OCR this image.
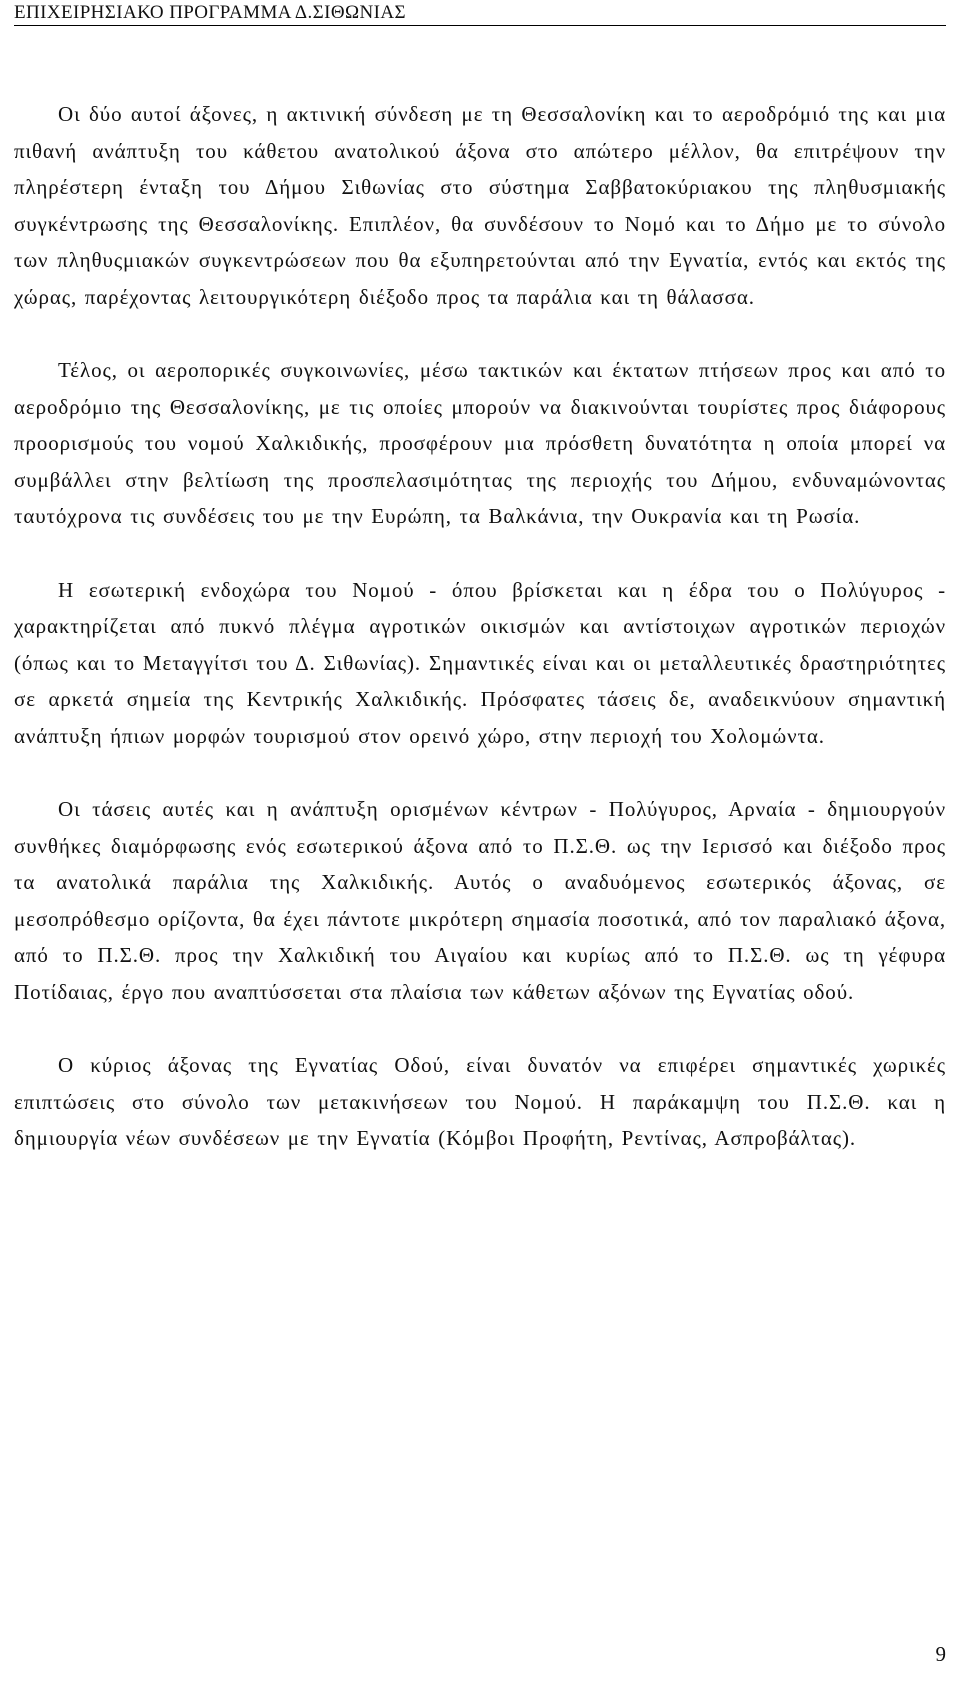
ΕΠΙΧΕΙΡΗΣΙΑΚΟ ΠΡΟΓΡΑΜΜΑ Δ.ΣΙΘΩΝΙΑΣ

Οι δύο αυτοί άξονες, η ακτινική σύνδεση με τη Θεσσαλονίκη και το αεροδρόμιό της και μια πιθανή ανάπτυξη του κάθετου ανατολικού άξονα στο απώτερο μέλλον, θα επιτρέψουν την πληρέστερη ένταξη του Δήμου Σιθωνίας στο σύστημα Σαββατοκύριακου της πληθυσμιακής συγκέντρωσης της Θεσσαλονίκης. Επιπλέον, θα συνδέσουν το Νομό και το Δήμο με το σύνολο των πληθυςμιακών συγκεντρώσεων που θα εξυπηρετούνται από την Εγνατία, εντός και εκτός της χώρας, παρέχοντας λειτουργικότερη διέξοδο προς τα παράλια και τη θάλασσα.

Τέλος, οι αεροπορικές συγκοινωνίες, μέσω τακτικών και έκτατων πτήσεων προς και από το αεροδρόμιο της Θεσσαλονίκης, με τις οποίες μπορούν να διακινούνται τουρίστες προς διάφορους προορισμούς του νομού Χαλκιδικής, προσφέρουν μια πρόσθετη δυνατότητα η οποία μπορεί να συμβάλλει στην βελτίωση της προσπελασιμότητας της περιοχής του Δήμου, ενδυναμώνοντας ταυτόχρονα τις συνδέσεις του με την Ευρώπη, τα Βαλκάνια, την Ουκρανία και τη Ρωσία.

Η εσωτερική ενδοχώρα του Νομού - όπου βρίσκεται και η έδρα του ο Πολύγυρος - χαρακτηρίζεται από πυκνό πλέγμα αγροτικών οικισμών και αντίστοιχων αγροτικών περιοχών (όπως και το Μεταγγίτσι του Δ. Σιθωνίας). Σημαντικές είναι και οι μεταλλευτικές δραστηριότητες σε αρκετά σημεία της Κεντρικής Χαλκιδικής. Πρόσφατες τάσεις δε, αναδεικνύουν σημαντική ανάπτυξη ήπιων μορφών τουρισμού στον ορεινό χώρο, στην περιοχή του Χολομώντα.

Οι τάσεις αυτές και η ανάπτυξη ορισμένων κέντρων - Πολύγυρος, Αρναία - δημιουργούν συνθήκες διαμόρφωσης ενός εσωτερικού άξονα από το Π.Σ.Θ. ως την Ιερισσό και διέξοδο προς τα ανατολικά παράλια της Χαλκιδικής. Αυτός ο αναδυόμενος εσωτερικός άξονας, σε μεσοπρόθεσμο ορίζοντα, θα έχει πάντοτε μικρότερη σημασία ποσοτικά, από τον παραλιακό άξονα, από το Π.Σ.Θ. προς την Χαλκιδική του Αιγαίου και κυρίως από το Π.Σ.Θ. ως τη γέφυρα Ποτίδαιας, έργο που αναπτύσσεται στα πλαίσια των κάθετων αξόνων της Εγνατίας οδού.

Ο κύριος άξονας της Εγνατίας Οδού, είναι δυνατόν να επιφέρει σημαντικές χωρικές επιπτώσεις στο σύνολο των μετακινήσεων του Νομού. Η παράκαμψη του Π.Σ.Θ. και η δημιουργία νέων συνδέσεων με την Εγνατία (Κόμβοι Προφήτη, Ρεντίνας, Ασπροβάλτας).

9
